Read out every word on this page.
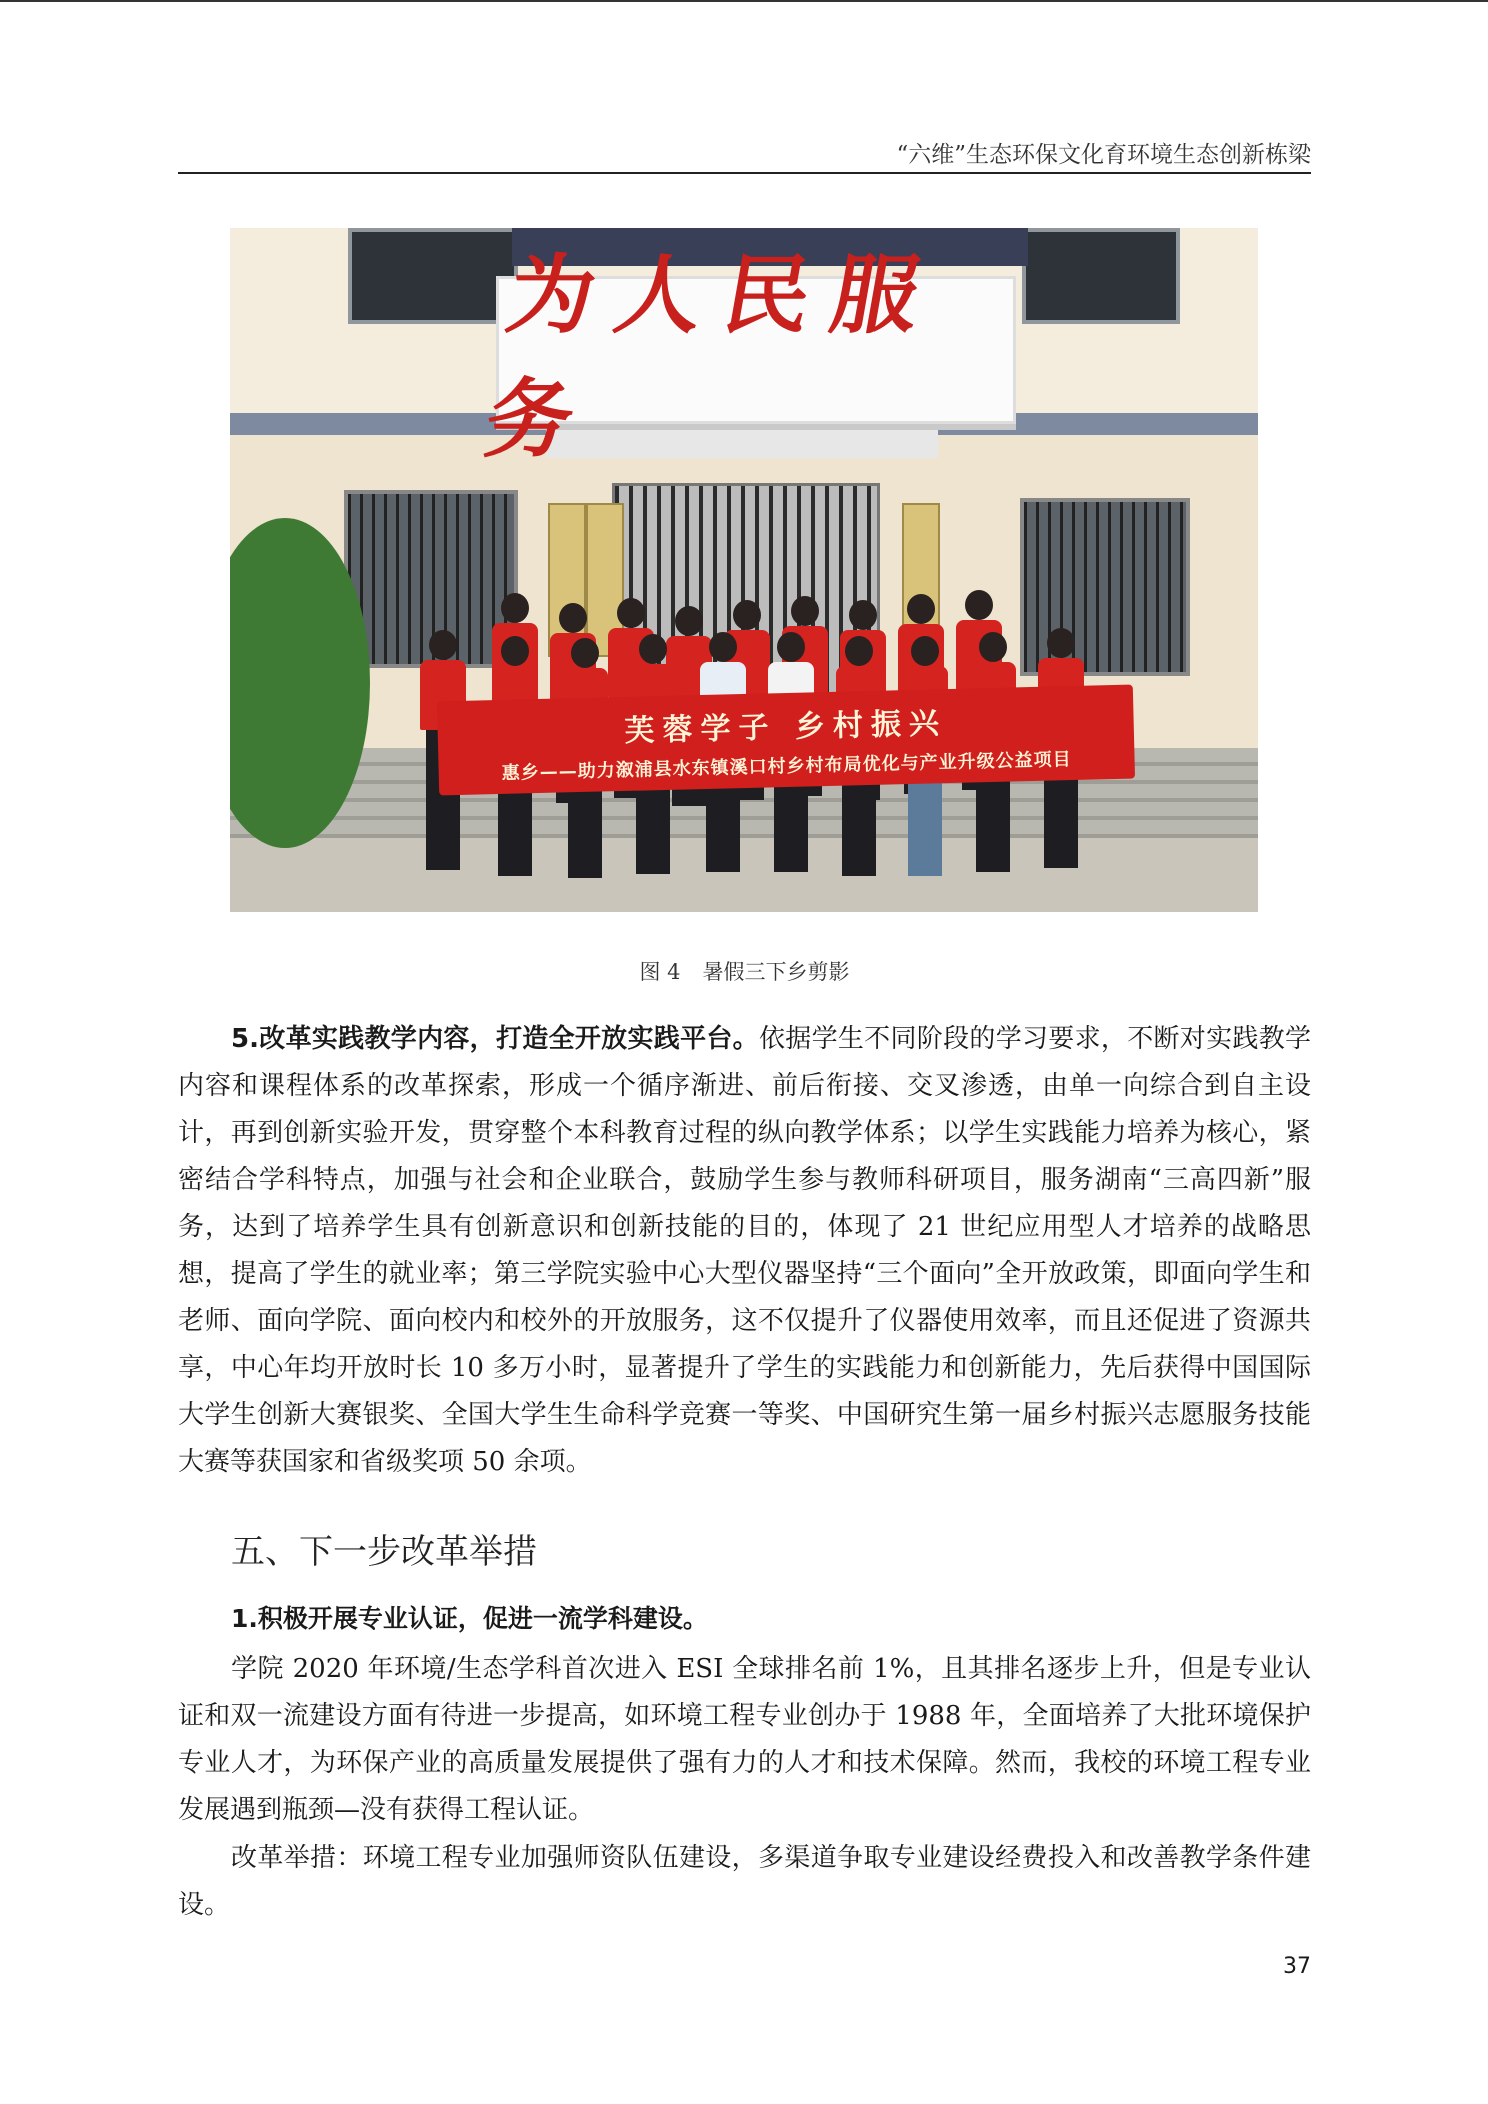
“六维”生态环保文化育环境生态创新栋梁
为人民服务
芙蓉学子 乡村振兴
惠乡——助力溆浦县水东镇溪口村乡村布局优化与产业升级公益项目
图 4 暑假三下乡剪影

5.改革实践教学内容，打造全开放实践平台。依据学生不同阶段的学习要求，不断对实践教学内容和课程体系的改革探索，形成一个循序渐进、前后衔接、交叉渗透，由单一向综合到自主设计，再到创新实验开发，贯穿整个本科教育过程的纵向教学体系；以学生实践能力培养为核心，紧密结合学科特点，加强与社会和企业联合，鼓励学生参与教师科研项目，服务湖南“三高四新”服务，达到了培养学生具有创新意识和创新技能的目的，体现了 21 世纪应用型人才培养的战略思想，提高了学生的就业率；第三学院实验中心大型仪器坚持“三个面向”全开放政策，即面向学生和老师、面向学院、面向校内和校外的开放服务，这不仅提升了仪器使用效率，而且还促进了资源共享，中心年均开放时长 10 多万小时，显著提升了学生的实践能力和创新能力，先后获得中国国际大学生创新大赛银奖、全国大学生生命科学竞赛一等奖、中国研究生第一届乡村振兴志愿服务技能大赛等获国家和省级奖项 50 余项。

五、下一步改革举措
1.积极开展专业认证，促进一流学科建设。

学院 2020 年环境/生态学科首次进入 ESI 全球排名前 1%，且其排名逐步上升，但是专业认证和双一流建设方面有待进一步提高，如环境工程专业创办于 1988 年，全面培养了大批环境保护专业人才，为环保产业的高质量发展提供了强有力的人才和技术保障。然而，我校的环境工程专业发展遇到瓶颈—没有获得工程认证。

改革举措：环境工程专业加强师资队伍建设，多渠道争取专业建设经费投入和改善教学条件建设。

37
